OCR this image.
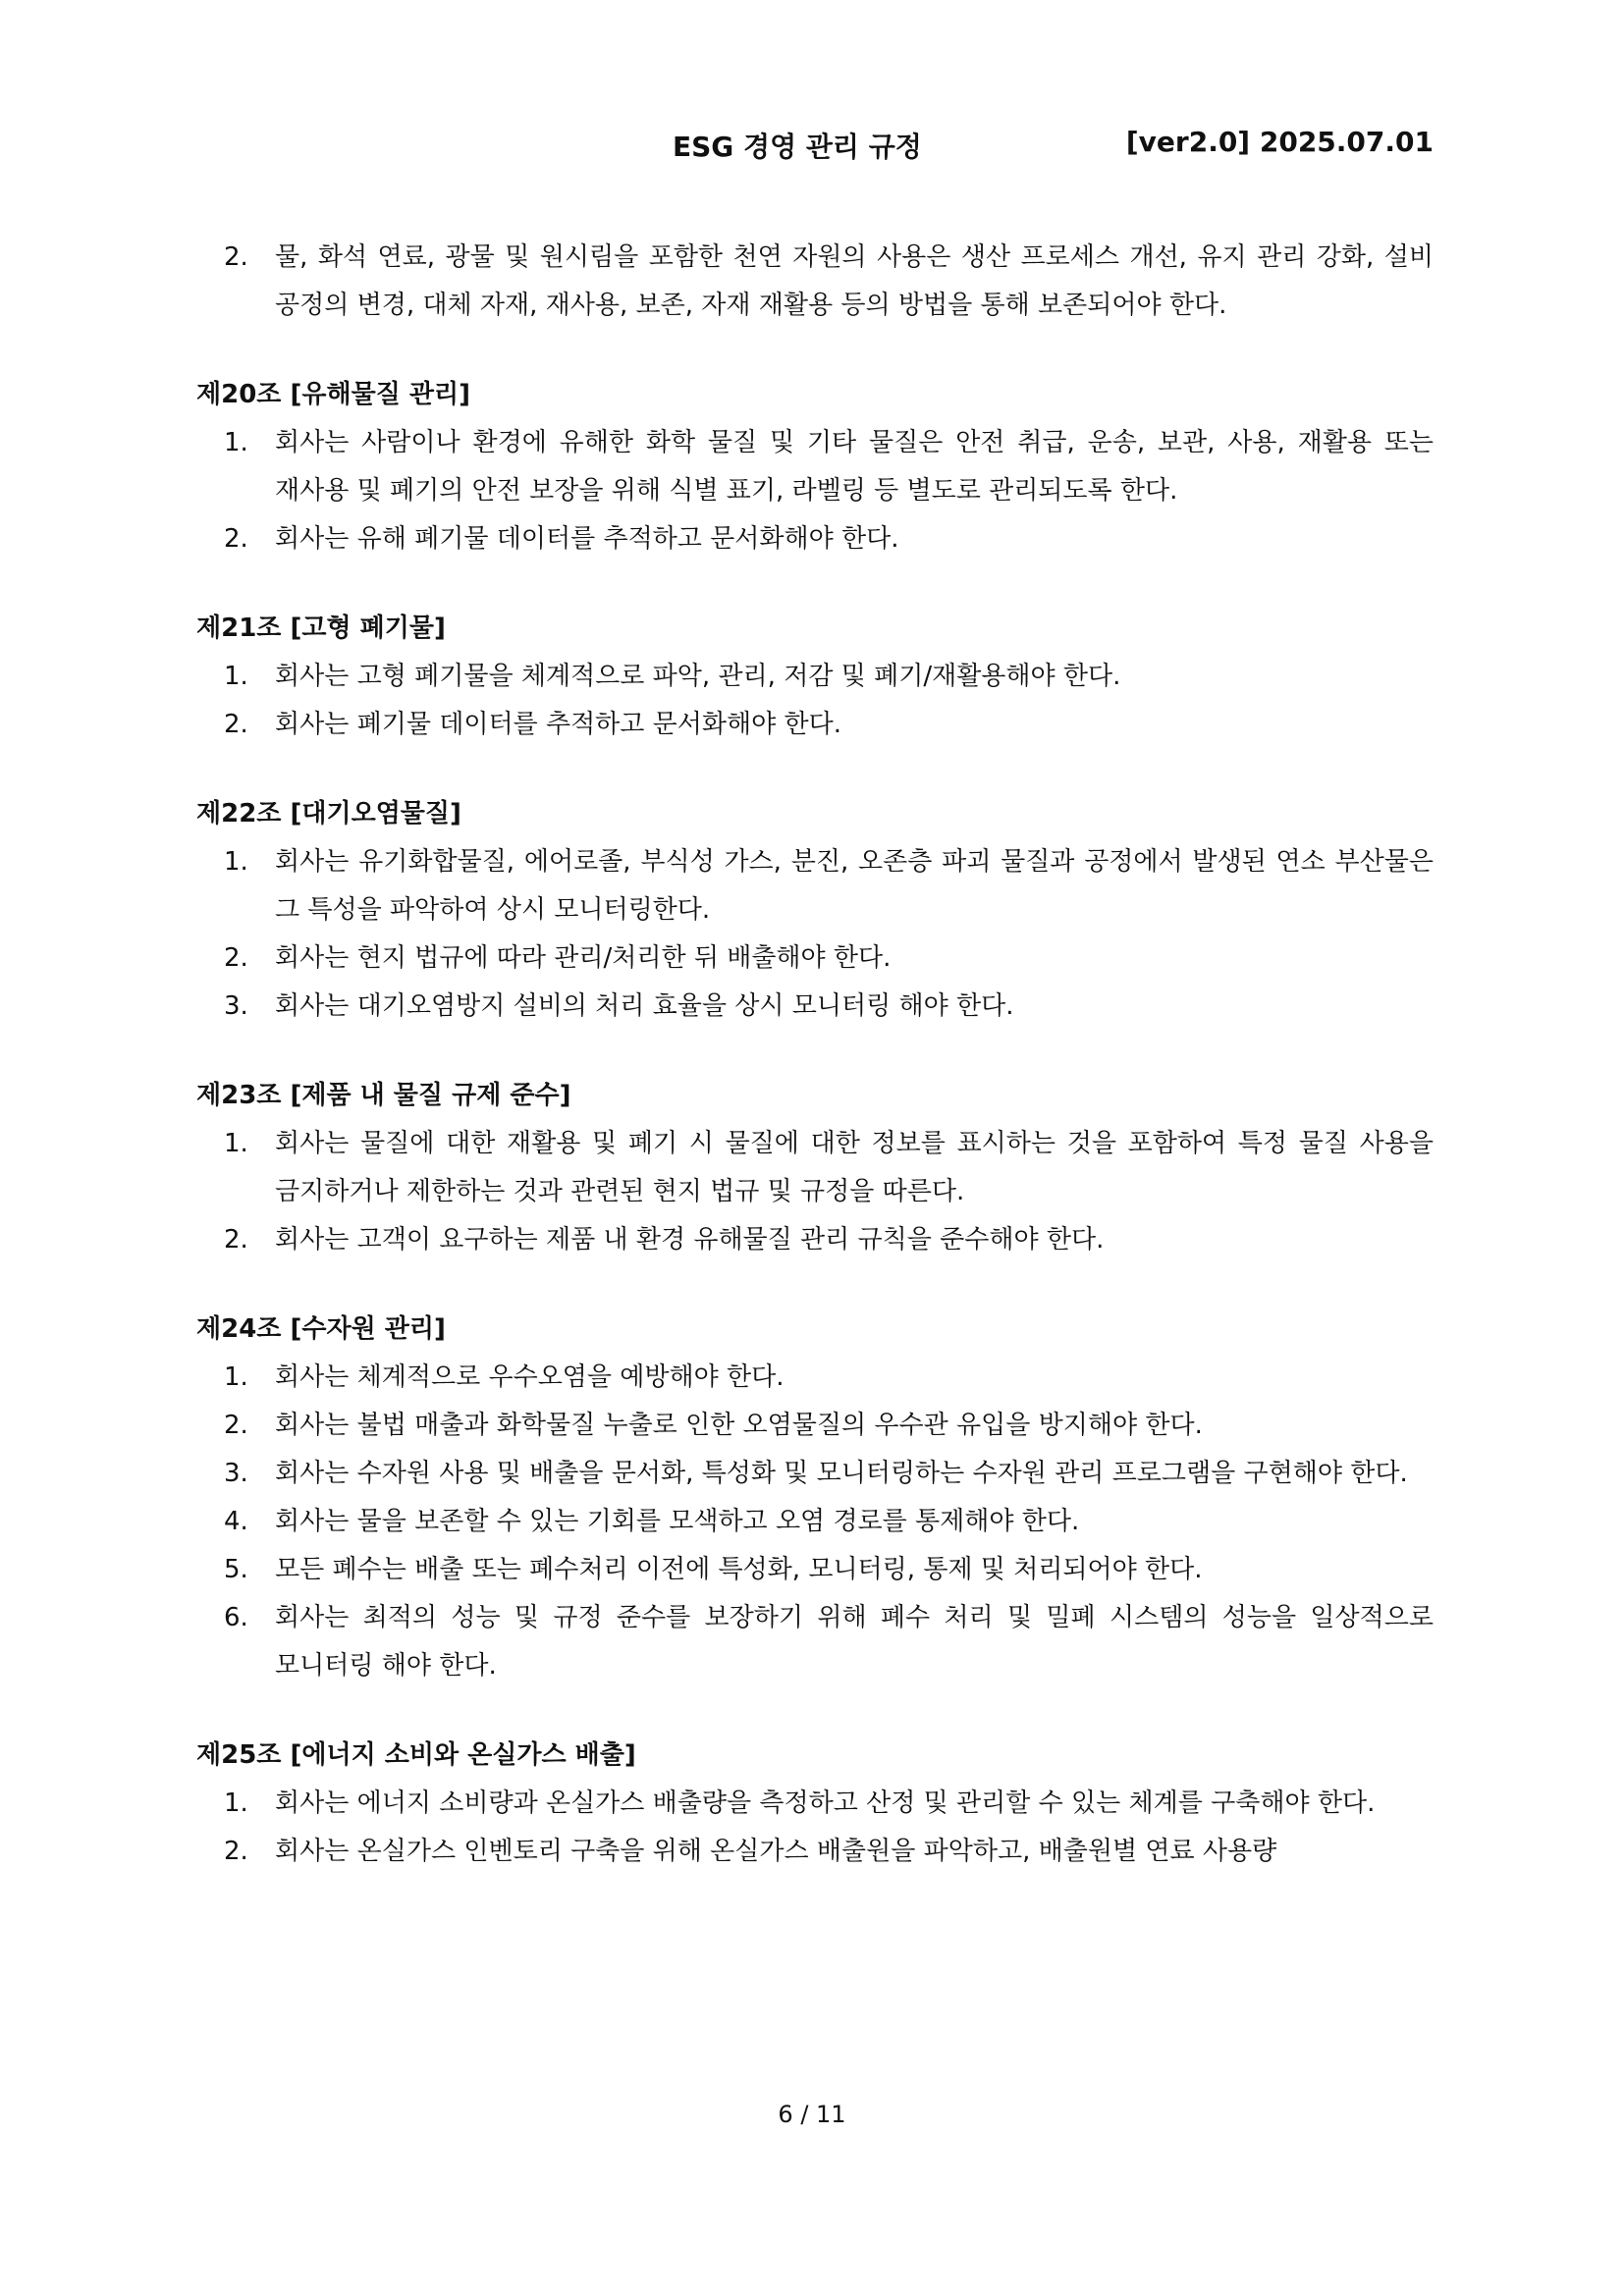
ESG 경영 관리 규정	[ver2.0] 2025.07.01
2. 물, 화석 연료, 광물 및 원시림을 포함한 천연 자원의 사용은 생산 프로세스 개선, 유지 관리 강화, 설비 공정의 변경, 대체 자재, 재사용, 보존, 자재 재활용 등의 방법을 통해 보존되어야 한다.
제20조 [유해물질 관리]
1. 회사는 사람이나 환경에 유해한 화학 물질 및 기타 물질은 안전 취급, 운송, 보관, 사용, 재활용 또는 재사용 및 폐기의 안전 보장을 위해 식별 표기, 라벨링 등 별도로 관리되도록 한다.
2. 회사는 유해 폐기물 데이터를 추적하고 문서화해야 한다.
제21조 [고형 폐기물]
1. 회사는 고형 폐기물을 체계적으로 파악, 관리, 저감 및 폐기/재활용해야 한다.
2. 회사는 폐기물 데이터를 추적하고 문서화해야 한다.
제22조 [대기오염물질]
1. 회사는 유기화합물질, 에어로졸, 부식성 가스, 분진, 오존층 파괴 물질과 공정에서 발생된 연소 부산물은 그 특성을 파악하여 상시 모니터링한다.
2. 회사는 현지 법규에 따라 관리/처리한 뒤 배출해야 한다.
3. 회사는 대기오염방지 설비의 처리 효율을 상시 모니터링 해야 한다.
제23조 [제품 내 물질 규제 준수]
1. 회사는 물질에 대한 재활용 및 폐기 시 물질에 대한 정보를 표시하는 것을 포함하여 특정 물질 사용을 금지하거나 제한하는 것과 관련된 현지 법규 및 규정을 따른다.
2. 회사는 고객이 요구하는 제품 내 환경 유해물질 관리 규칙을 준수해야 한다.
제24조 [수자원 관리]
1. 회사는 체계적으로 우수오염을 예방해야 한다.
2. 회사는 불법 매출과 화학물질 누출로 인한 오염물질의 우수관 유입을 방지해야 한다.
3. 회사는 수자원 사용 및 배출을 문서화, 특성화 및 모니터링하는 수자원 관리 프로그램을 구현해야 한다.
4. 회사는 물을 보존할 수 있는 기회를 모색하고 오염 경로를 통제해야 한다.
5. 모든 폐수는 배출 또는 폐수처리 이전에 특성화, 모니터링, 통제 및 처리되어야 한다.
6. 회사는 최적의 성능 및 규정 준수를 보장하기 위해 폐수 처리 및 밀폐 시스템의 성능을 일상적으로 모니터링 해야 한다.
제25조 [에너지 소비와 온실가스 배출]
1. 회사는 에너지 소비량과 온실가스 배출량을 측정하고 산정 및 관리할 수 있는 체계를 구축해야 한다.
2. 회사는 온실가스 인벤토리 구축을 위해 온실가스 배출원을 파악하고, 배출원별 연료 사용량
6 / 11
